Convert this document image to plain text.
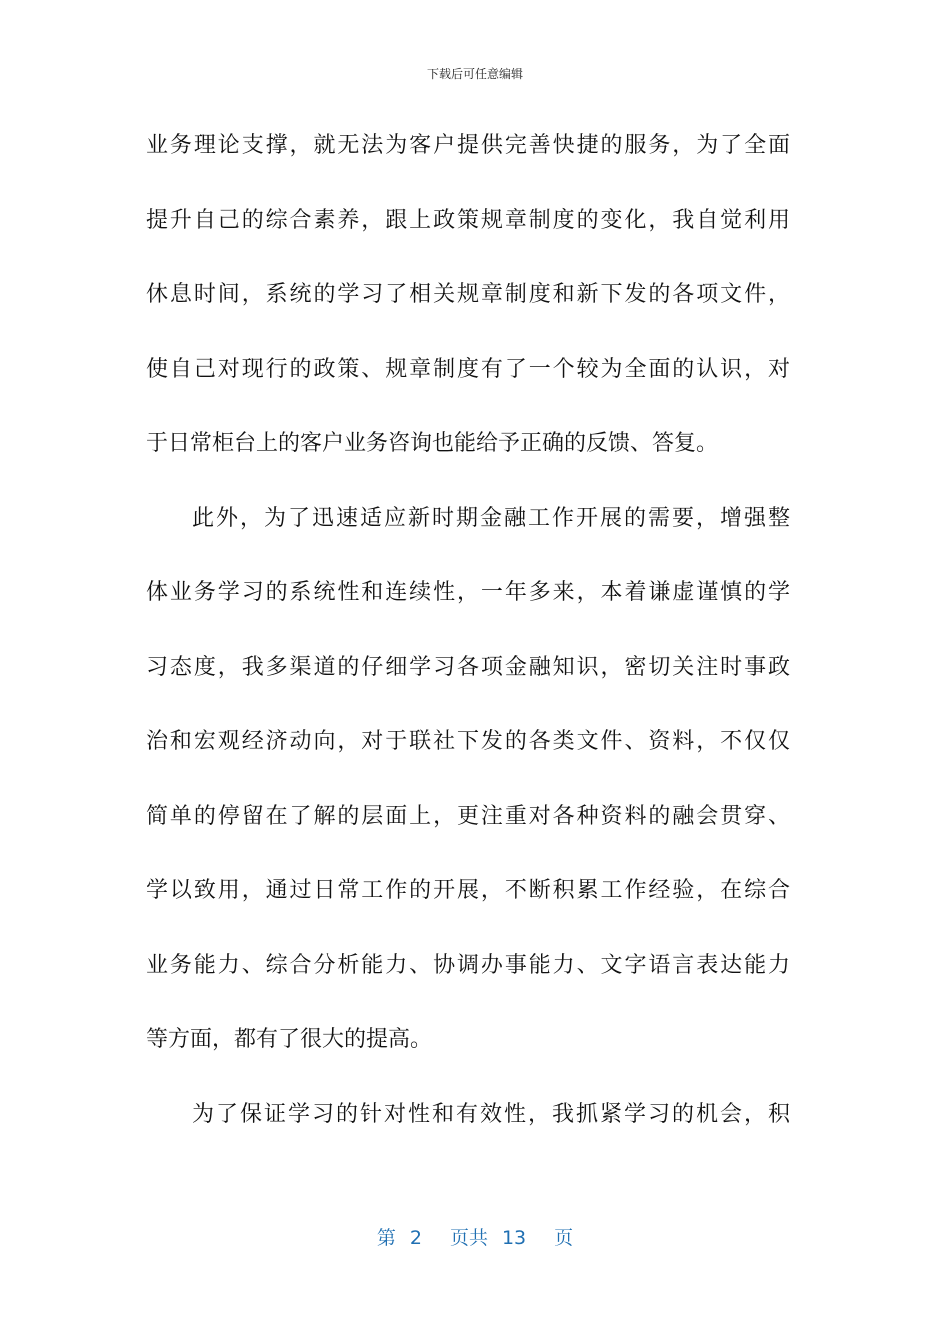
下载后可任意编辑
业务理论支撑，就无法为客户提供完善快捷的服务，为了全面
提升自己的综合素养，跟上政策规章制度的变化，我自觉利用
休息时间，系统的学习了相关规章制度和新下发的各项文件，
使自己对现行的政策、规章制度有了一个较为全面的认识，对
于日常柜台上的客户业务咨询也能给予正确的反馈、答复。
此外，为了迅速适应新时期金融工作开展的需要，增强整
体业务学习的系统性和连续性，一年多来，本着谦虚谨慎的学
习态度，我多渠道的仔细学习各项金融知识，密切关注时事政
治和宏观经济动向，对于联社下发的各类文件、资料，不仅仅
简单的停留在了解的层面上，更注重对各种资料的融会贯穿、
学以致用，通过日常工作的开展，不断积累工作经验，在综合
业务能力、综合分析能力、协调办事能力、文字语言表达能力
等方面，都有了很大的提高。
为了保证学习的针对性和有效性，我抓紧学习的机会，积
第 2 页共 13 页
